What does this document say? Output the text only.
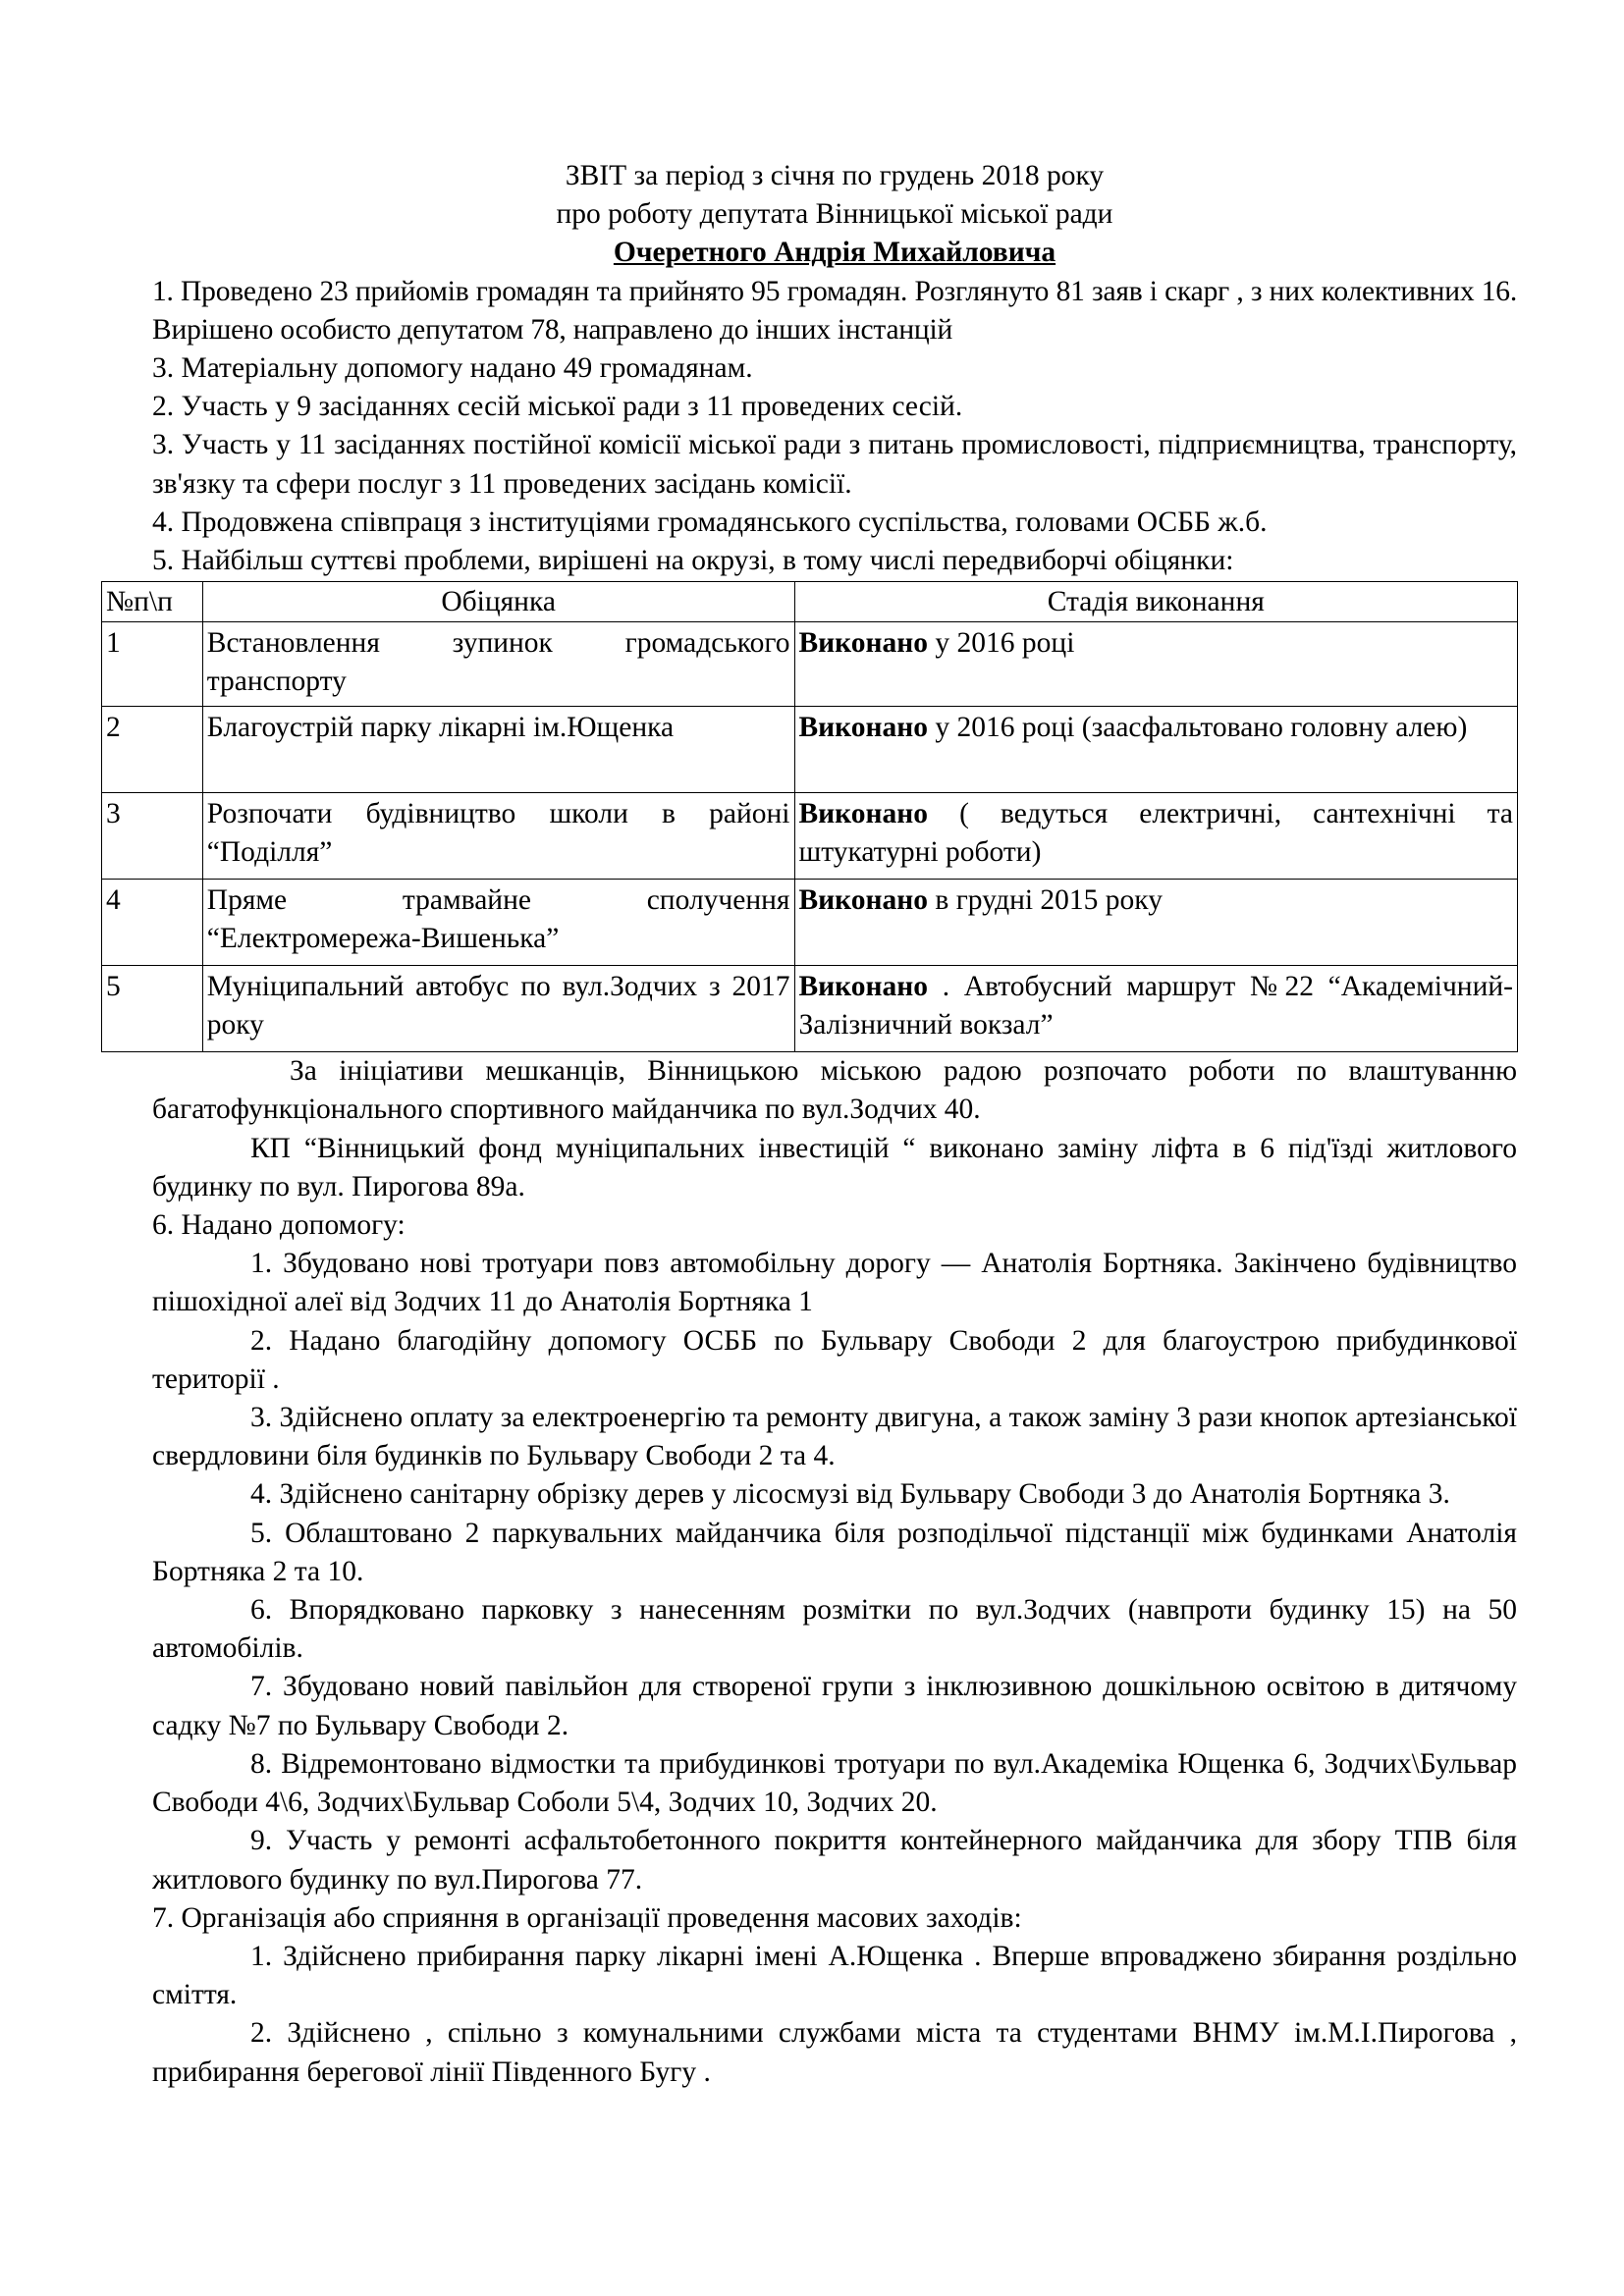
ЗВІТ за період з січня по грудень 2018 року
про роботу депутата Вінницької міської ради
Очеретного Андрія Михайловича

1. Проведено 23 прийомів громадян та прийнято 95 громадян. Розглянуто 81 заяв і скарг , з них колективних 16. Вирішено особисто депутатом 78, направлено до інших інстанцій

3. Матеріальну допомогу надано 49 громадянам.

2. Участь у 9 засіданнях сесій міської ради з 11 проведених сесій.

3. Участь у 11 засіданнях постійної комісії міської ради з питань промисловості, підприємництва, транспорту, зв'язку та сфери послуг з 11 проведених засідань комісії.

4. Продовжена співпраця з інституціями громадянського суспільства, головами ОСББ ж.б.

5. Найбільш суттєві проблеми, вирішені на окрузі, в тому числі передвиборчі обіцянки:

№п\п	Обіцянка	Стадія виконання
1	Встановлення зупинок громадського транспорту	Виконано у 2016 році
2	Благоустрій парку лікарні ім.Ющенка	Виконано у 2016 році (заасфальтовано головну алею)
3	Розпочати будівництво школи в районі “Поділля”	Виконано ( ведуться електричні, сантехнічні та штукатурні роботи)
4	Пряме трамвайне сполучення “Електромережа-Вишенька”	Виконано в грудні 2015 року
5	Муніципальний автобус по вул.Зодчих з 2017 року	Виконано . Автобусний маршрут №22 “Академічний-Залізничний вокзал”

За ініціативи мешканців, Вінницькою міською радою розпочато роботи по влаштуванню багатофункціонального спортивного майданчика по вул.Зодчих 40.

КП “Вінницький фонд муніципальних інвестицій “ виконано заміну ліфта в 6 під'їзді житлового будинку по вул. Пирогова 89а.

6. Надано допомогу:

1. Збудовано нові тротуари повз автомобільну дорогу — Анатолія Бортняка. Закінчено будівництво пішохідної алеї від Зодчих 11 до Анатолія Бортняка 1

2. Надано благодійну допомогу ОСББ по Бульвару Свободи 2 для благоустрою прибудинкової території .

3. Здійснено оплату за електроенергію та ремонту двигуна, а також заміну 3 рази кнопок артезіанської свердловини біля будинків по Бульвару Свободи 2 та 4.

4. Здійснено санітарну обрізку дерев у лісосмузі від Бульвару Свободи 3 до Анатолія Бортняка 3.

5. Облаштовано 2 паркувальних майданчика біля розподільчої підстанції між будинками Анатолія Бортняка 2 та 10.

6. Впорядковано парковку з нанесенням розмітки по вул.Зодчих (навпроти будинку 15) на 50 автомобілів.

7. Збудовано новий павільйон для створеної групи з інклюзивною дошкільною освітою в дитячому садку №7 по Бульвару Свободи 2.

8. Відремонтовано відмостки та прибудинкові тротуари по вул.Академіка Ющенка 6, Зодчих\Бульвар Свободи 4\6, Зодчих\Бульвар Соболи 5\4, Зодчих 10, Зодчих 20.

9. Участь у ремонті асфальтобетонного покриття контейнерного майданчика для збору ТПВ біля житлового будинку по вул.Пирогова 77.

7. Організація або сприяння в організації проведення масових заходів:

1. Здійснено прибирання парку лікарні імені А.Ющенка . Вперше впроваджено збирання роздільно сміття.

2. Здійснено , спільно з комунальними службами міста та студентами ВНМУ ім.М.І.Пирогова , прибирання берегової лінії Південного Бугу .
